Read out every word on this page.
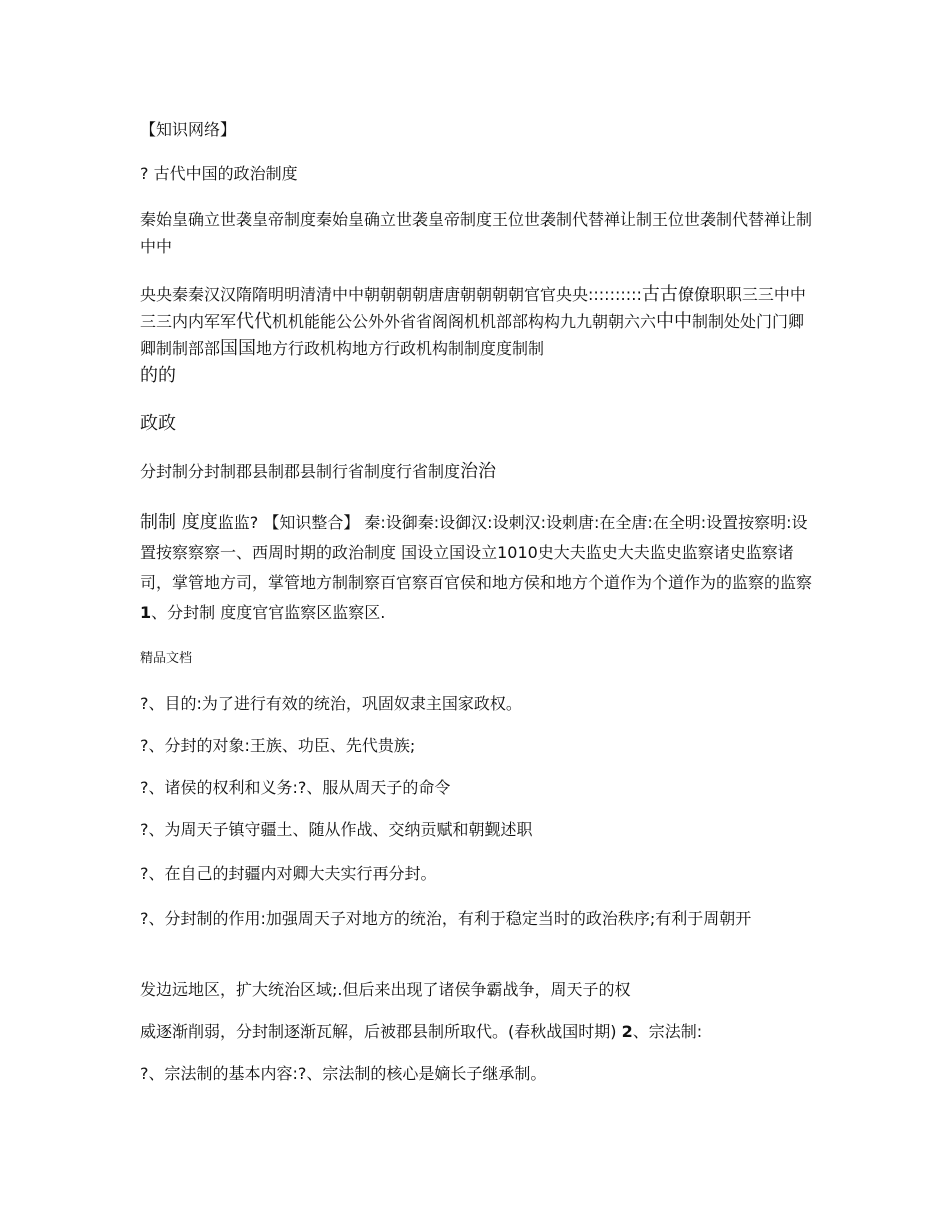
【知识网络】

? 古代中国的政治制度

秦始皇确立世袭皇帝制度秦始皇确立世袭皇帝制度王位世袭制代替禅让制王位世袭制代替禅让制中中

央央秦秦汉汉隋隋明明清清中中朝朝朝朝唐唐朝朝朝朝官官央央::::::::::古古僚僚职职三三中中三三内内军军代代机机能能公公外外省省阁阁机机部部构构九九朝朝六六中中制制处处门门卿卿制制部部国国地方行政机构地方行政机构制制度度制制
的的

政政

分封制分封制郡县制郡县制行省制度行省制度治治

制制 度度监监? 【知识整合】 秦:设御秦:设御汉:设刺汉:设刺唐:在全唐:在全明:设置按察明:设置按察察察一、西周时期的政治制度 国设立国设立1010史大夫监史大夫监史监察诸史监察诸司，掌管地方司，掌管地方制制察百官察百官侯和地方侯和地方个道作为个道作为的监察的监察 1、分封制 度度官官监察区监察区.

精品文档

?、目的:为了进行有效的统治，巩固奴隶主国家政权。

?、分封的对象:王族、功臣、先代贵族;

?、诸侯的权利和义务:?、服从周天子的命令

?、为周天子镇守疆土、随从作战、交纳贡赋和朝觐述职

?、在自己的封疆内对卿大夫实行再分封。

?、分封制的作用:加强周天子对地方的统治，有利于稳定当时的政治秩序;有利于周朝开

发边远地区，扩大统治区域;.但后来出现了诸侯争霸战争，周天子的权

威逐渐削弱，分封制逐渐瓦解，后被郡县制所取代。(春秋战国时期) 2、宗法制:

?、宗法制的基本内容:?、宗法制的核心是嫡长子继承制。
